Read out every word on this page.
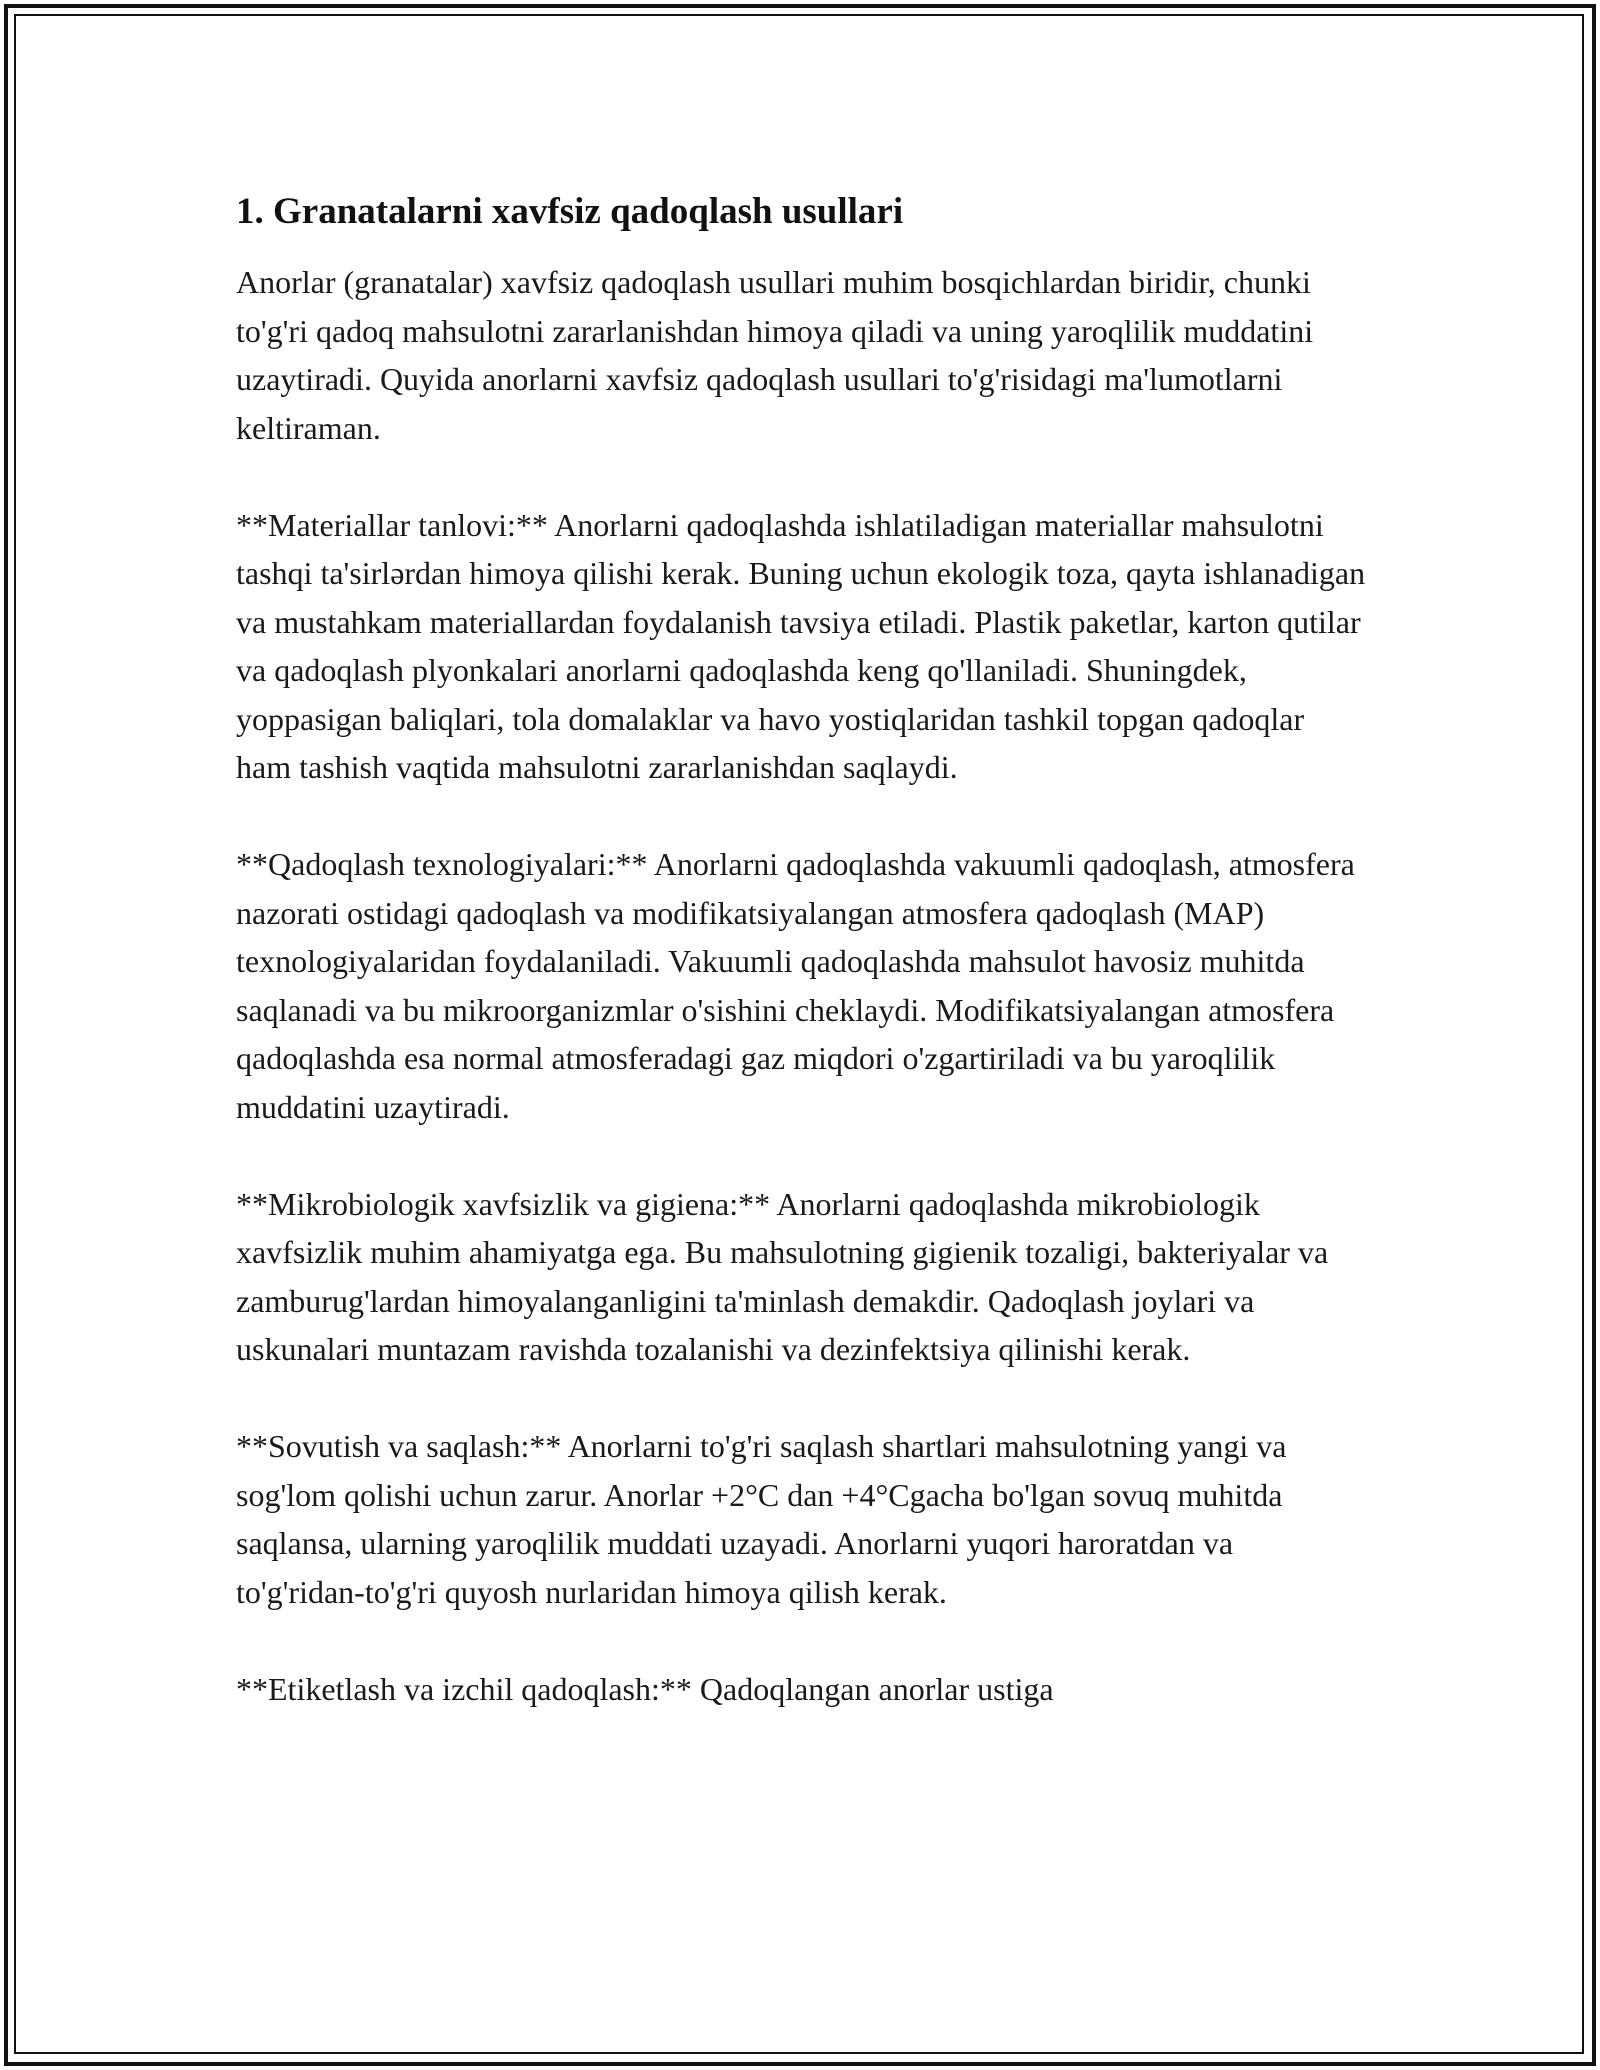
1. Granatalarni xavfsiz qadoqlash usullari

Anorlar (granatalar) xavfsiz qadoqlash usullari muhim bosqichlardan biridir, chunki to'g'ri qadoq mahsulotni zararlanishdan himoya qiladi va uning yaroqlilik muddatini uzaytiradi. Quyida anorlarni xavfsiz qadoqlash usullari to'g'risidagi ma'lumotlarni keltiraman.

**Materiallar tanlovi:** Anorlarni qadoqlashda ishlatiladigan materiallar mahsulotni tashqi ta'sirlərdan himoya qilishi kerak. Buning uchun ekologik toza, qayta ishlanadigan va mustahkam materiallardan foydalanish tavsiya etiladi. Plastik paketlar, karton qutilar va qadoqlash plyonkalari anorlarni qadoqlashda keng qo'llaniladi. Shuningdek, yoppasigan baliqlari, tola domalaklar va havo yostiqlaridan tashkil topgan qadoqlar ham tashish vaqtida mahsulotni zararlanishdan saqlaydi.

**Qadoqlash texnologiyalari:** Anorlarni qadoqlashda vakuumli qadoqlash, atmosfera nazorati ostidagi qadoqlash va modifikatsiyalangan atmosfera qadoqlash (MAP) texnologiyalaridan foydalaniladi. Vakuumli qadoqlashda mahsulot havosiz muhitda saqlanadi va bu mikroorganizmlar o'sishini cheklaydi. Modifikatsiyalangan atmosfera qadoqlashda esa normal atmosferadagi gaz miqdori o'zgartiriladi va bu yaroqlilik muddatini uzaytiradi.

**Mikrobiologik xavfsizlik va gigiena:** Anorlarni qadoqlashda mikrobiologik xavfsizlik muhim ahamiyatga ega. Bu mahsulotning gigienik tozaligi, bakteriyalar va zamburug'lardan himoyalanganligini ta'minlash demakdir. Qadoqlash joylari va uskunalari muntazam ravishda tozalanishi va dezinfektsiya qilinishi kerak.

**Sovutish va saqlash:** Anorlarni to'g'ri saqlash shartlari mahsulotning yangi va sog'lom qolishi uchun zarur. Anorlar +2°C dan +4°Cgacha bo'lgan sovuq muhitda saqlansa, ularning yaroqlilik muddati uzayadi. Anorlarni yuqori haroratdan va to'g'ridan-to'g'ri quyosh nurlaridan himoya qilish kerak.

**Etiketlash va izchil qadoqlash:** Qadoqlangan anorlar ustiga
